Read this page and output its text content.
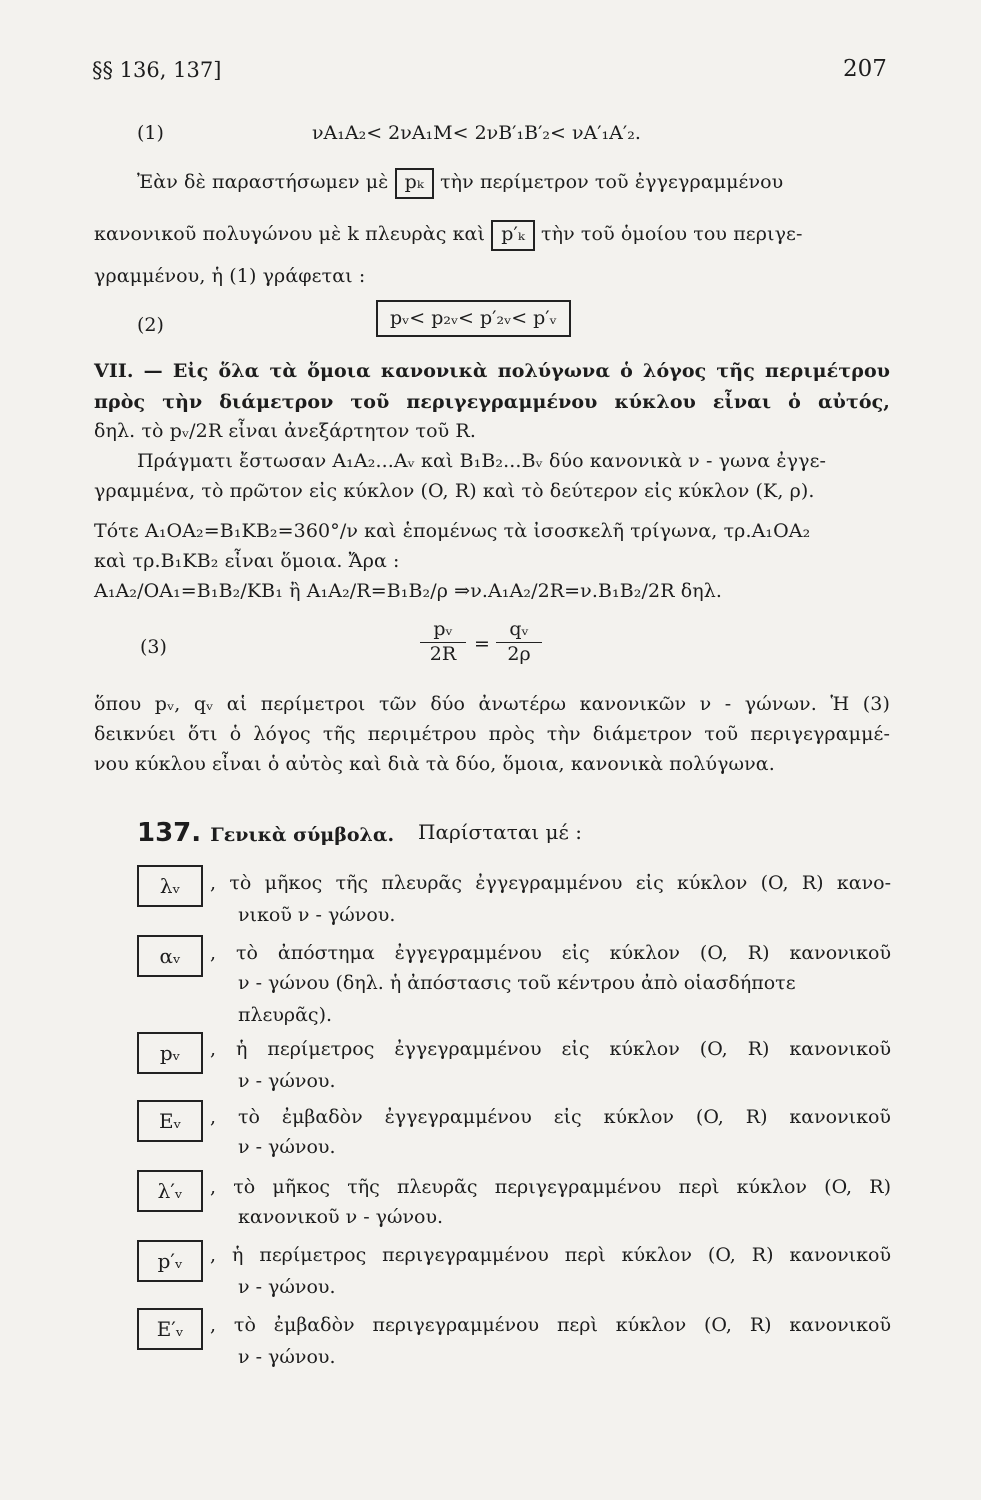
§§ 136, 137]	207
(1)	νA₁A₂< 2νA₁M< 2νB′₁B′₂< νA′₁A′₂.
Ἐὰν δὲ παραστήσωμεν μὲ pₖ τὴν περίμετρον τοῦ ἐγγεγραμμένου
κανονικοῦ πολυγώνου μὲ k πλευρὰς καὶ p′ₖ τὴν τοῦ ὁμοίου του περιγε-
γραμμένου, ἡ (1) γράφεται :
(2)	pᵥ< p₂ᵥ< p′₂ᵥ< p′ᵥ
VII. — Εἰς ὅλα τὰ ὅμοια κανονικὰ πολύγωνα ὁ λόγος τῆς περιμέτρου
πρὸς τὴν διάμετρον τοῦ περιγεγραμμένου κύκλου εἶναι ὁ αὐτός,
δηλ. τὸ pᵥ/2R εἶναι ἀνεξάρτητον τοῦ R.
Πράγματι ἔστωσαν A₁A₂...Aᵥ καὶ B₁B₂...Bᵥ δύο κανονικὰ ν - γωνα ἐγγε-
γραμμένα, τὸ πρῶτον εἰς κύκλον (O, R) καὶ τὸ δεύτερον εἰς κύκλον (K, ρ).
Τότε A₁OA₂=B₁KB₂=360°/ν καὶ ἑπομένως τὰ ἰσοσκελῆ τρίγωνα, τρ.A₁OA₂
καὶ τρ.B₁KB₂ εἶναι ὅμοια. Ἄρα :
A₁A₂/OA₁=B₁B₂/KB₁ ἢ A₁A₂/R=B₁B₂/ρ ⇒ν.A₁A₂/2R=ν.B₁B₂/2R δηλ.
(3)
pᵥ
2R =
qᵥ
2ρ
ὅπου pᵥ, qᵥ αἱ περίμετροι τῶν δύο ἀνωτέρω κανονικῶν ν - γώνων. Ἡ (3)
δεικνύει ὅτι ὁ λόγος τῆς περιμέτρου πρὸς τὴν διάμετρον τοῦ περιγεγραμμέ-
νου κύκλου εἶναι ὁ αὐτὸς καὶ διὰ τὰ δύο, ὅμοια, κανονικὰ πολύγωνα.
137. Γενικὰ σύμβολα. Παρίσταται μέ :
λᵥ	, τὸ μῆκος τῆς πλευρᾶς ἐγγεγραμμένου εἰς κύκλον (O, R) κανο-
νικοῦ ν - γώνου.
αᵥ	, τὸ ἀπόστημα ἐγγεγραμμένου εἰς κύκλον (O, R) κανονικοῦ
ν - γώνου (δηλ. ἡ ἀπόστασις τοῦ κέντρου ἀπὸ οἱασδήποτε
πλευρᾶς).
pᵥ	, ἡ περίμετρος ἐγγεγραμμένου εἰς κύκλον (O, R) κανονικοῦ
ν - γώνου.
Eᵥ	, τὸ ἐμβαδὸν ἐγγεγραμμένου εἰς κύκλον (O, R) κανονικοῦ
ν - γώνου.
λ′ᵥ	, τὸ μῆκος τῆς πλευρᾶς περιγεγραμμένου περὶ κύκλον (O, R)
κανονικοῦ ν - γώνου.
p′ᵥ	, ἡ περίμετρος περιγεγραμμένου περὶ κύκλον (O, R) κανονικοῦ
ν - γώνου.
E′ᵥ	, τὸ ἐμβαδὸν περιγεγραμμένου περὶ κύκλον (O, R) κανονικοῦ
ν - γώνου.
